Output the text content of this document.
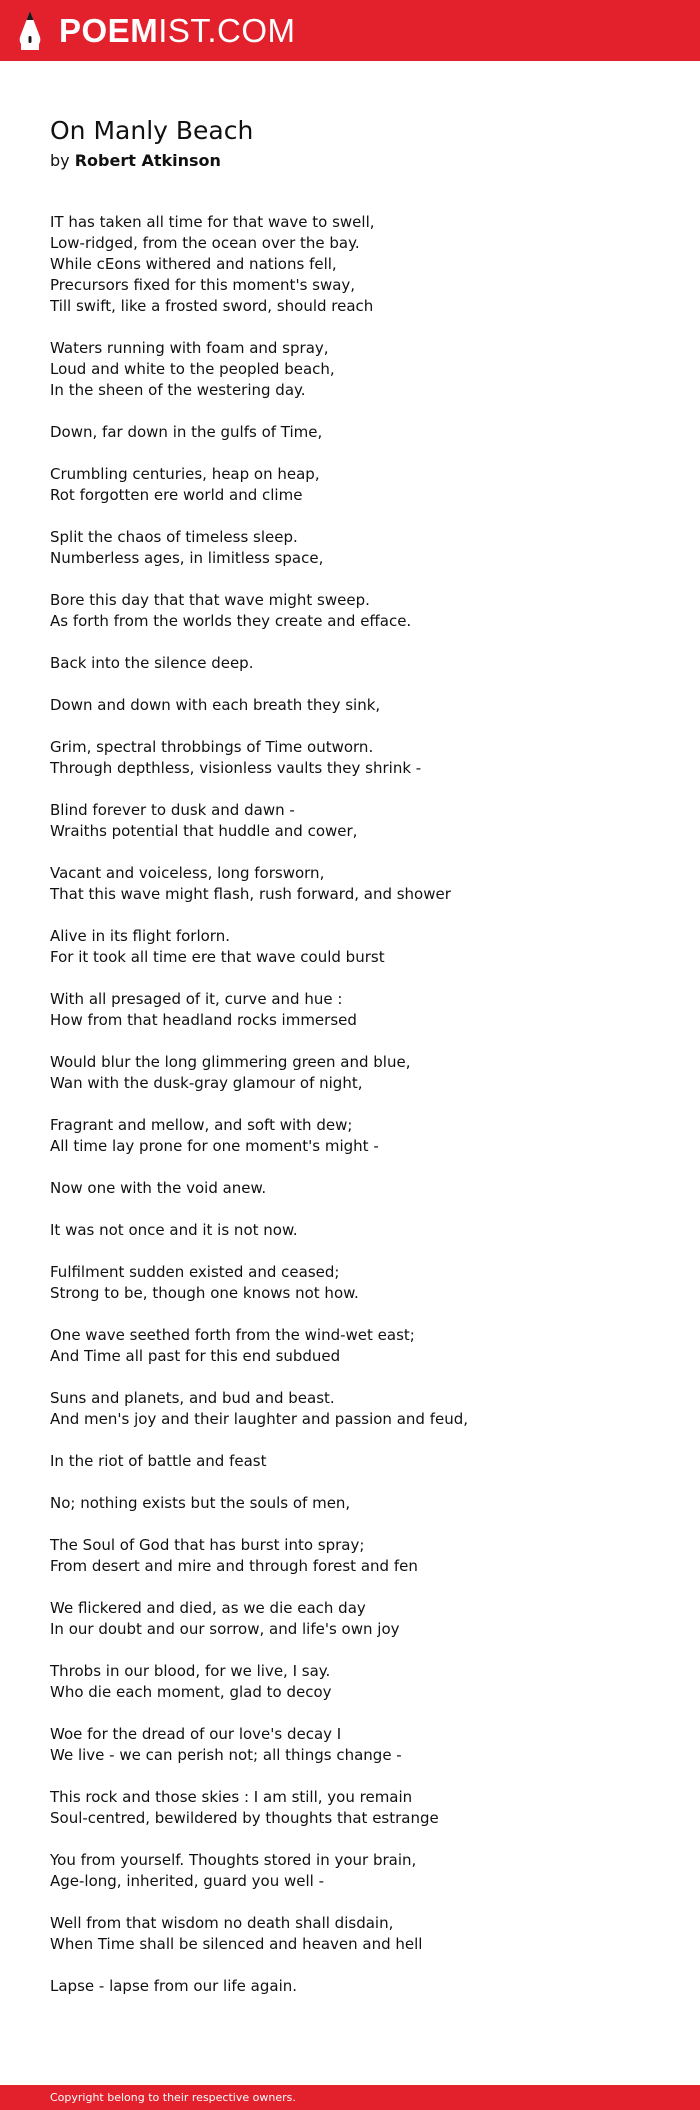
POEMIST.COM
On Manly Beach
by Robert Atkinson
IT has taken all time for that wave to swell,
Low-ridged, from the ocean over the bay.
While cEons withered and nations fell,
Precursors fixed for this moment's sway,
Till swift, like a frosted sword, should reach
Waters running with foam and spray,
Loud and white to the peopled beach,
In the sheen of the westering day.
Down, far down in the gulfs of Time,
Crumbling centuries, heap on heap,
Rot forgotten ere world and clime
Split the chaos of timeless sleep.
Numberless ages, in limitless space,
Bore this day that that wave might sweep.
As forth from the worlds they create and efface.
Back into the silence deep.
Down and down with each breath they sink,
Grim, spectral throbbings of Time outworn.
Through depthless, visionless vaults they shrink -
Blind forever to dusk and dawn -
Wraiths potential that huddle and cower,
Vacant and voiceless, long forsworn,
That this wave might flash, rush forward, and shower
Alive in its flight forlorn.
For it took all time ere that wave could burst
With all presaged of it, curve and hue :
How from that headland rocks immersed
Would blur the long glimmering green and blue,
Wan with the dusk-gray glamour of night,
Fragrant and mellow, and soft with dew;
All time lay prone for one moment's might -
Now one with the void anew.
It was not once and it is not now.
Fulfilment sudden existed and ceased;
Strong to be, though one knows not how.
One wave seethed forth from the wind-wet east;
And Time all past for this end subdued
Suns and planets, and bud and beast.
And men's joy and their laughter and passion and feud,
In the riot of battle and feast
No; nothing exists but the souls of men,
The Soul of God that has burst into spray;
From desert and mire and through forest and fen
We flickered and died, as we die each day
In our doubt and our sorrow, and life's own joy
Throbs in our blood, for we live, I say.
Who die each moment, glad to decoy
Woe for the dread of our love's decay I
We live - we can perish not; all things change -
This rock and those skies : I am still, you remain
Soul-centred, bewildered by thoughts that estrange
You from yourself. Thoughts stored in your brain,
Age-long, inherited, guard you well -
Well from that wisdom no death shall disdain,
When Time shall be silenced and heaven and hell
Lapse - lapse from our life again.
Copyright belong to their respective owners.
